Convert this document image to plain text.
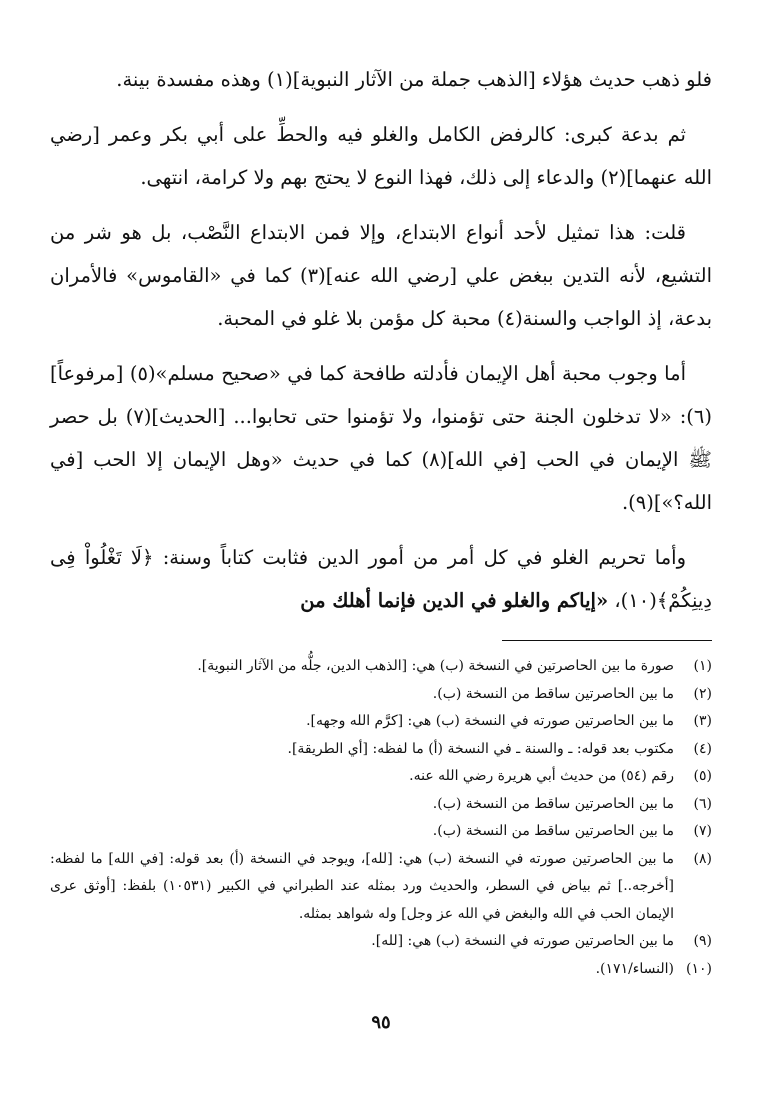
فلو ذهب حديث هؤلاء [الذهب جملة من الآثار النبوية](١) وهذه مفسدة بينة.

ثم بدعة كبرى: كالرفض الكامل والغلو فيه والحطِّ على أبي بكر وعمر [رضي الله عنهما](٢) والدعاء إلى ذلك، فهذا النوع لا يحتج بهم ولا كرامة، انتهى.

قلت: هذا تمثيل لأحد أنواع الابتداع، وإلا فمن الابتداع النَّصْب، بل هو شر من التشيع، لأنه التدين ببغض علي [رضي الله عنه](٣) كما في «القاموس» فالأمران بدعة، إذ الواجب والسنة(٤) محبة كل مؤمن بلا غلو في المحبة.

أما وجوب محبة أهل الإيمان فأدلته طافحة كما في «صحيح مسلم»(٥) [مرفوعاً](٦): «لا تدخلون الجنة حتى تؤمنوا، ولا تؤمنوا حتى تحابوا... [الحديث](٧) بل حصر ﷺ الإيمان في الحب [في الله](٨) كما في حديث «وهل الإيمان إلا الحب [في الله؟»](٩).

وأما تحريم الغلو في كل أمر من أمور الدين فثابت كتاباً وسنة: ﴿لَا تَغْلُواْ فِى دِينِكُمْ﴾(١٠)، «إياكم والغلو في الدين فإنما أهلك من

(١)
صورة ما بين الحاصرتين في النسخة (ب) هي: [الذهب الدين، جلُّه من الآثار النبوية].
(٢)
ما بين الحاصرتين ساقط من النسخة (ب).
(٣)
ما بين الحاصرتين صورته في النسخة (ب) هي: [كرَّم الله وجهه].
(٤)
مكتوب بعد قوله: ـ والسنة ـ في النسخة (أ) ما لفظه: [أي الطريقة].
(٥)
رقم (٥٤) من حديث أبي هريرة رضي الله عنه.
(٦)
ما بين الحاصرتين ساقط من النسخة (ب).
(٧)
ما بين الحاصرتين ساقط من النسخة (ب).
(٨)
ما بين الحاصرتين صورته في النسخة (ب) هي: [لله]، ويوجد في النسخة (أ) بعد قوله: [في الله] ما لفظه: [أخرجه..] ثم بياض في السطر، والحديث ورد بمثله عند الطبراني في الكبير (١٠٥٣١) بلفظ: [أوثق عرى الإيمان الحب في الله والبغض في الله عز وجل] وله شواهد بمثله.
(٩)
ما بين الحاصرتين صورته في النسخة (ب) هي: [لله].
(١٠)
(النساء/١٧١).
٩٥
